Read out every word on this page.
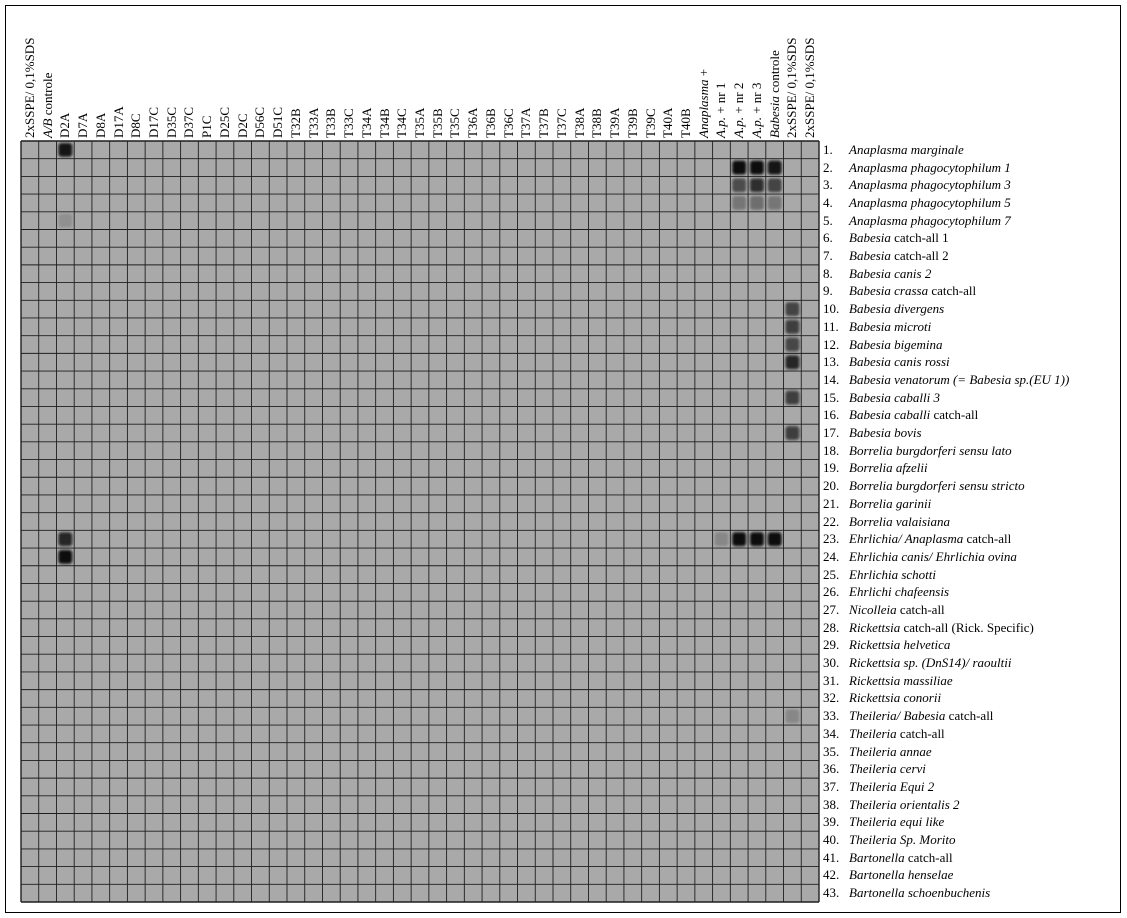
2xSSPE/ 0,1%SDS A/B controle
D2A D7A D8A D17A D8C D17C D35C D37C P1C D25C D2C D56C D51C T32B T33A T33B T33C T34A T34B T34C T35A T35B T35C T36A T36B T36C T37A T37B T37C T38A T38B T39A T39B T39C T40A T40B Anaplasma +
A.p. + nr 1
A.p. + nr 2
A.p. + nr 3 Babesia controle 2xSSPE/ 0,1%SDS 2xSSPE/ 0,1%SDS
1. Anaplasma marginale
2. Anaplasma phagocytophilum 1
3. Anaplasma phagocytophilum 3
4. Anaplasma phagocytophilum 5
5. Anaplasma phagocytophilum 7
6. Babesia catch-all 1
7. Babesia catch-all 2
8. Babesia canis 2
9. Babesia crassa catch-all
10. Babesia divergens
11. Babesia microti
12. Babesia bigemina
13. Babesia canis rossi
14. Babesia venatorum (= Babesia sp.(EU 1))
15. Babesia caballi 3
16. Babesia caballi catch-all
17. Babesia bovis
18. Borrelia burgdorferi sensu lato
19. Borrelia afzelii
20. Borrelia burgdorferi sensu stricto
21. Borrelia garinii
22. Borrelia valaisiana
23. Ehrlichia/ Anaplasma catch-all
24. Ehrlichia canis/ Ehrlichia ovina
25. Ehrlichia schotti
26. Ehrlichi chafeensis
27. Nicolleia catch-all
28. Rickettsia catch-all (Rick. Specific)
29. Rickettsia helvetica
30. Rickettsia sp. (DnS14)/ raoultii
31. Rickettsia massiliae
32. Rickettsia conorii
33. Theileria/ Babesia catch-all
34. Theileria catch-all
35. Theileria annae
36. Theileria cervi
37. Theileria Equi 2
38. Theileria orientalis 2
39. Theileria equi like
40. Theileria Sp. Morito
41. Bartonella catch-all
42. Bartonella henselae
43. Bartonella schoenbuchenis
